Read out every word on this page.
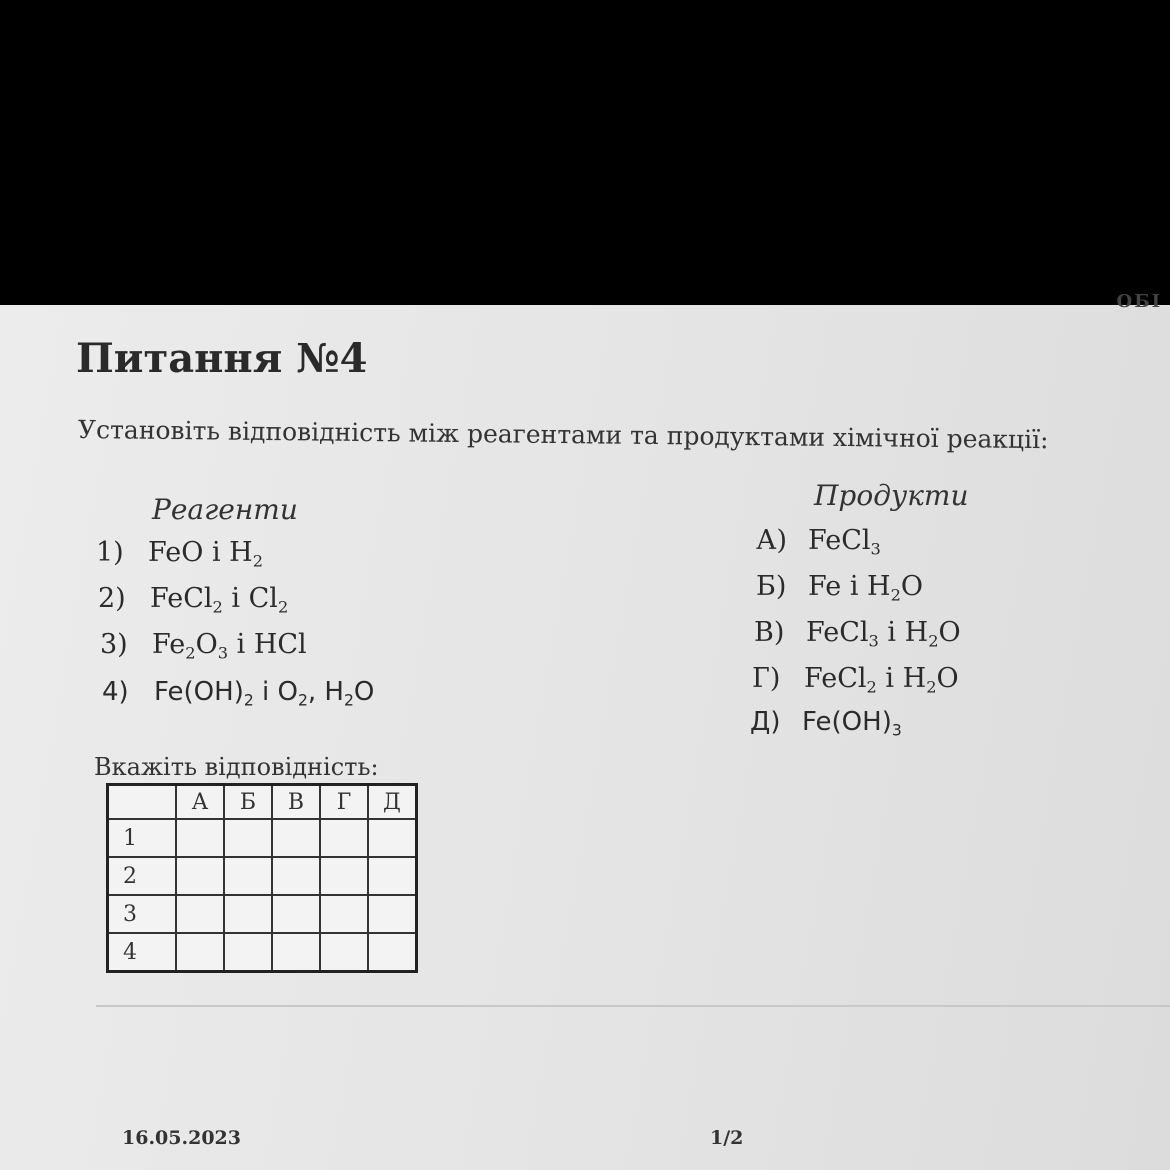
ОБІ
Питання №4
Установіть відповідність між реагентами та продуктами хімічної реакції:
Реагенти	Продукти
1) FeO і $H_2$
2) FeCl$_2$ і $Cl_2$
3) $Fe_2O_3$ і HCl
4) $Fe(OH)_2$ і $O_2$, $H_2O$
А) FeCl$_3$
Б) Fe і $H_2O$
В) FeCl$_3$ і $H_2O$
Г) FeCl$_2$ і $H_2O$
Д) $Fe(OH)_3$
Вкажіть відповідність:
	А	Б	В	Г	Д
1					
2					
3					
4					
16.05.2023	1/2
